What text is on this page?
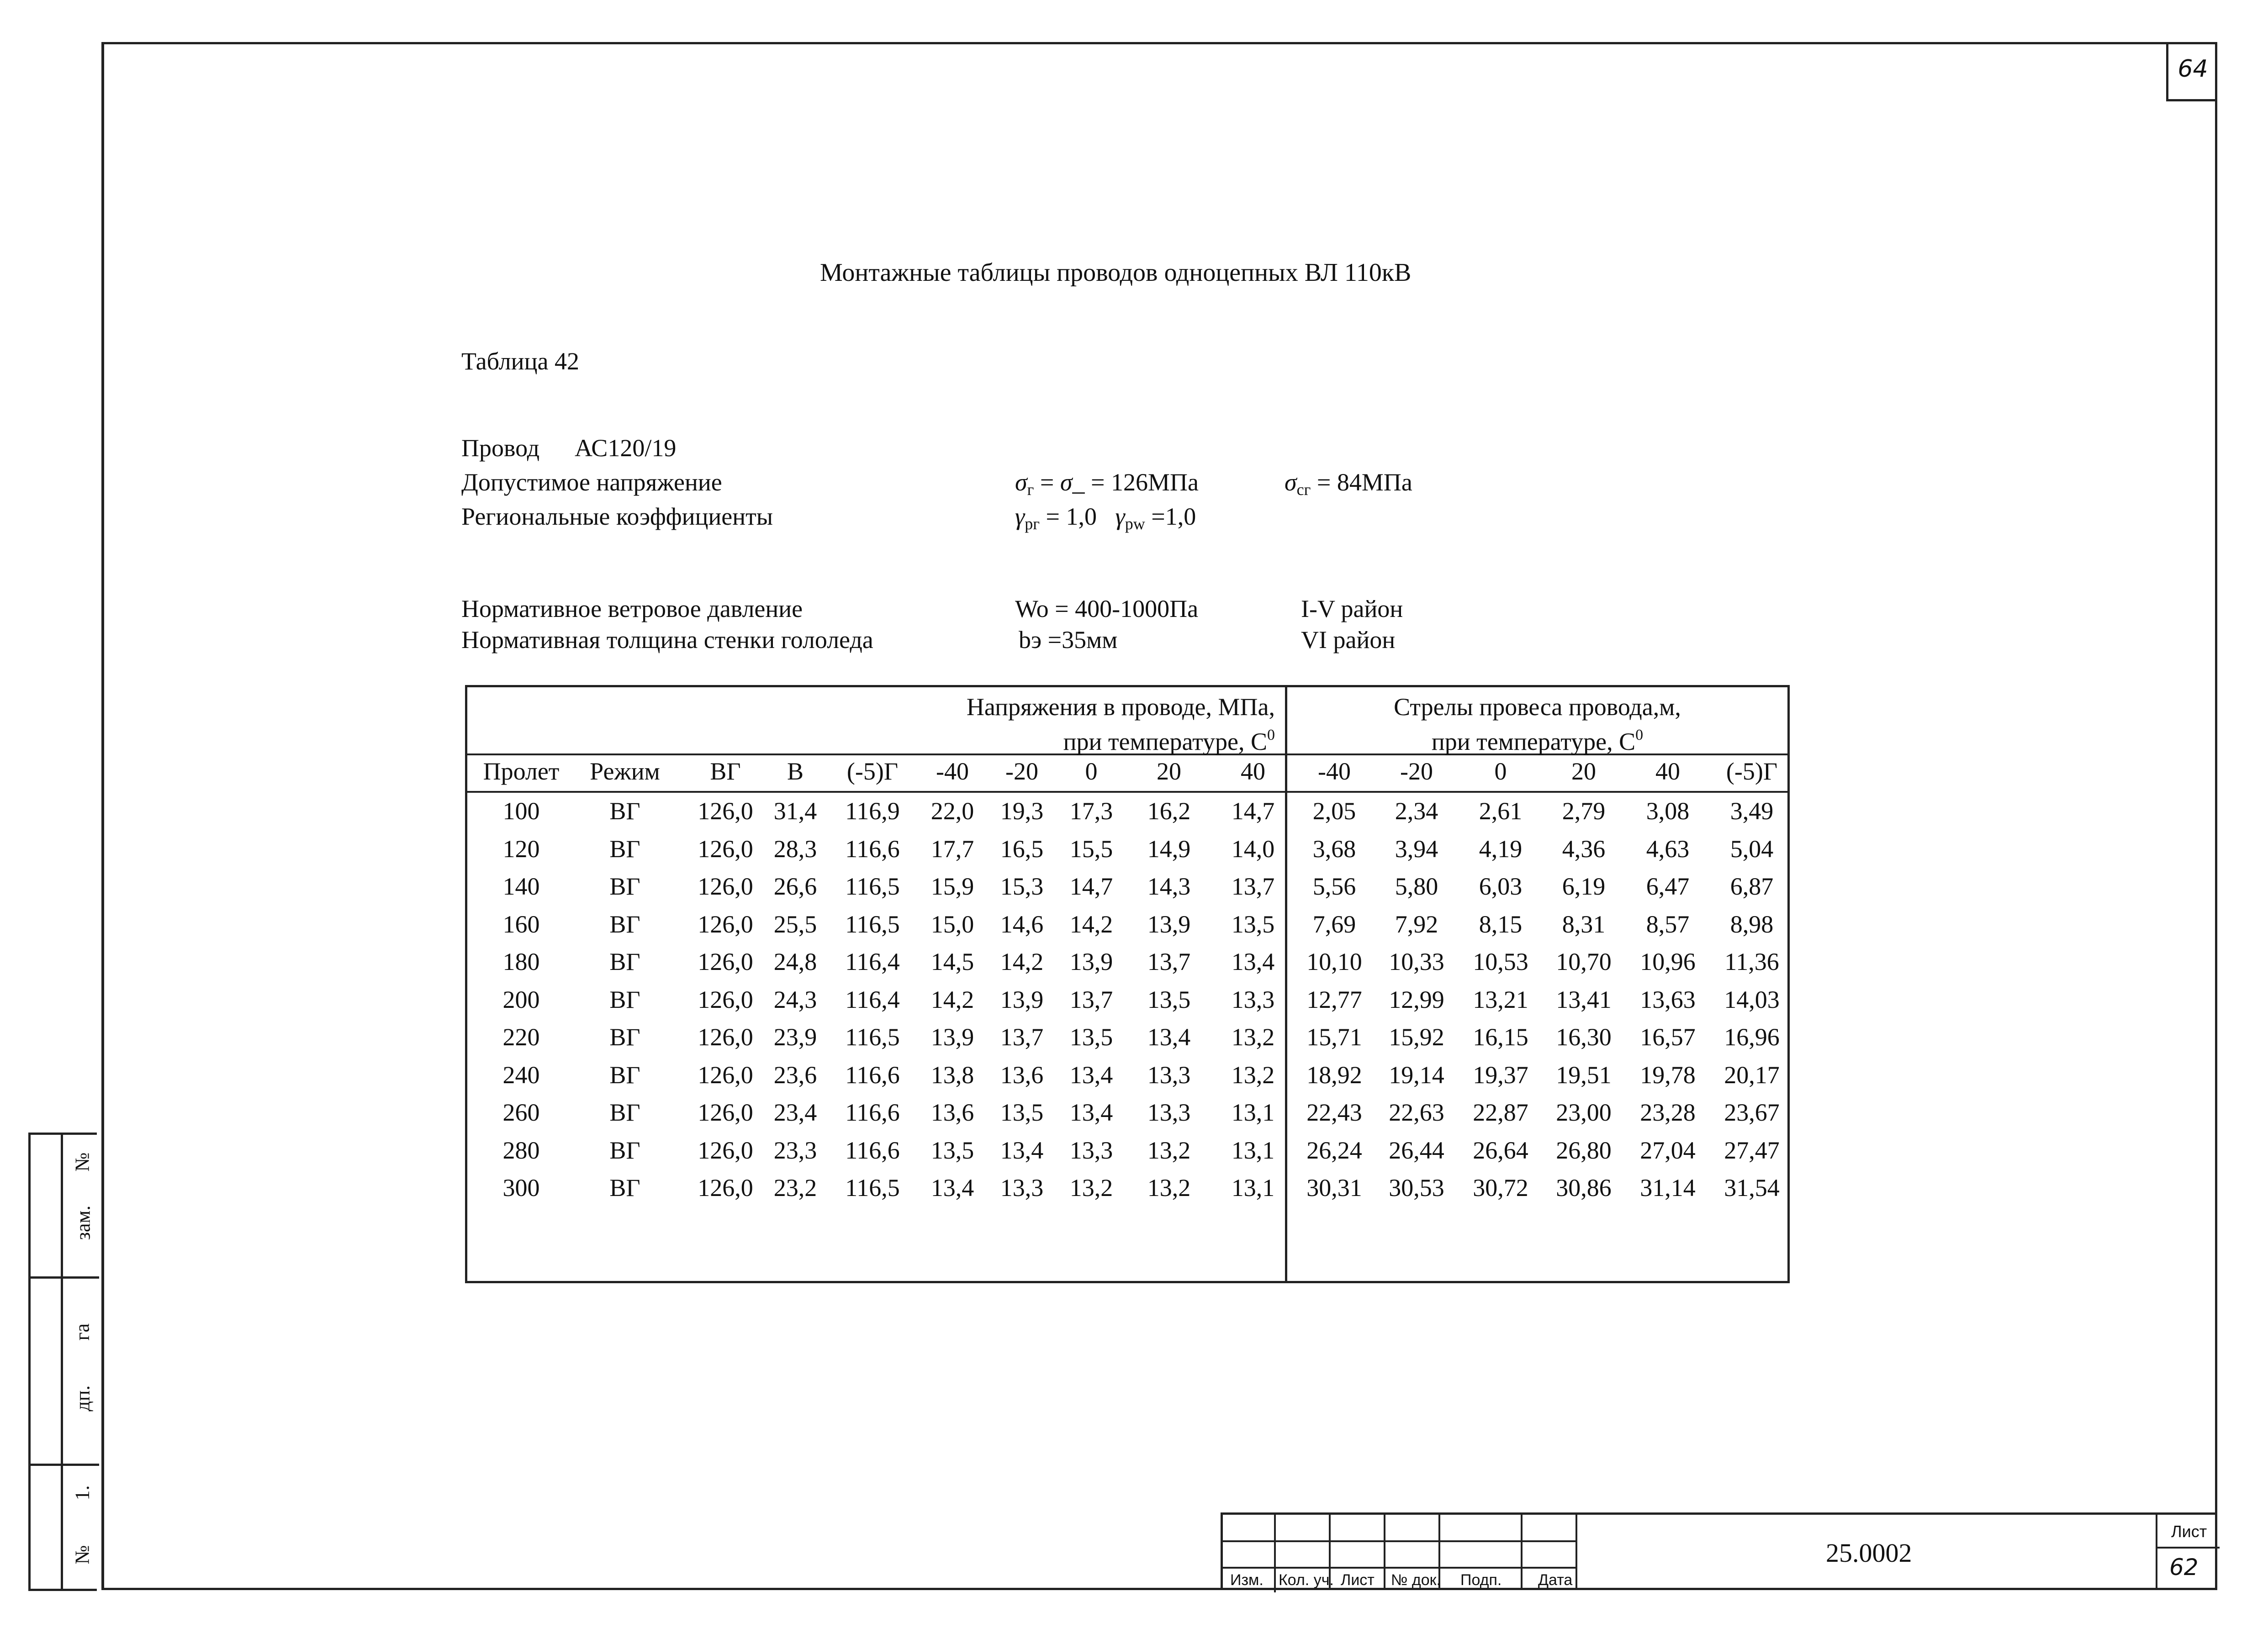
64
№
зам.
га
дп.
1.
№
Монтажные таблицы проводов одноцепных ВЛ 110кВ
Таблица 42
Провод АС120/19
Допустимое напряжение	$\sigma_г$ = σ_ = 126МПа	$\sigma_{сг} = 84МПа$
Региональные коэффициенты	$\gamma_{pг} = 1,0$ $\gamma_{pw} =1,0$
Нормативное ветровое давление	Wo = 400-1000Па	I-V район
Нормативная толщина стенки гололеда	bэ =35мм	VI район
Напряжения в проводе, МПа,
при температуре, $С^0$
Стрелы провеса провода,м,
при температуре, $С^0$
Пролет	Режим	ВГ	В	(-5)Г	-40	-20	0	20	40	-40	-20	0	20	40	(-5)Г
100	ВГ	126,0 31,4	116,9	22,0	19,3	17,3	16,2	14,7	2,05	2,34	2,61	2,79	3,08	3,49
120	ВГ	126,0 28,3	116,6	17,7	16,5	15,5	14,9	14,0	3,68	3,94	4,19	4,36	4,63	5,04
140	ВГ	126,0 26,6	116,5	15,9	15,3	14,7	14,3	13,7	5,56	5,80	6,03	6,19	6,47	6,87
160	ВГ	126,0 25,5	116,5	15,0	14,6	14,2	13,9	13,5	7,69	7,92	8,15	8,31	8,57	8,98
180	ВГ	126,0 24,8	116,4	14,5	14,2	13,9	13,7	13,4	10,10	10,33	10,53	10,70	10,96	11,36
200	ВГ	126,0 24,3	116,4	14,2	13,9	13,7	13,5	13,3	12,77	12,99	13,21	13,41	13,63	14,03
220	ВГ	126,0 23,9	116,5	13,9	13,7	13,5	13,4	13,2	15,71	15,92	16,15	16,30	16,57	16,96
240	ВГ	126,0 23,6	116,6	13,8	13,6	13,4	13,3	13,2	18,92	19,14	19,37	19,51	19,78	20,17
260	ВГ	126,0 23,4	116,6	13,6	13,5	13,4	13,3	13,1	22,43	22,63	22,87	23,00	23,28	23,67
280	ВГ	126,0 23,3	116,6	13,5	13,4	13,3	13,2	13,1	26,24	26,44	26,64	26,80	27,04	27,47
300	ВГ	126,0 23,2	116,5	13,4	13,3	13,2	13,2	13,1	30,31	30,53	30,72	30,86	31,14	31,54
Изм. Кол. уч. Лист № док. Подп. Дата
25.0002
Лист
62
